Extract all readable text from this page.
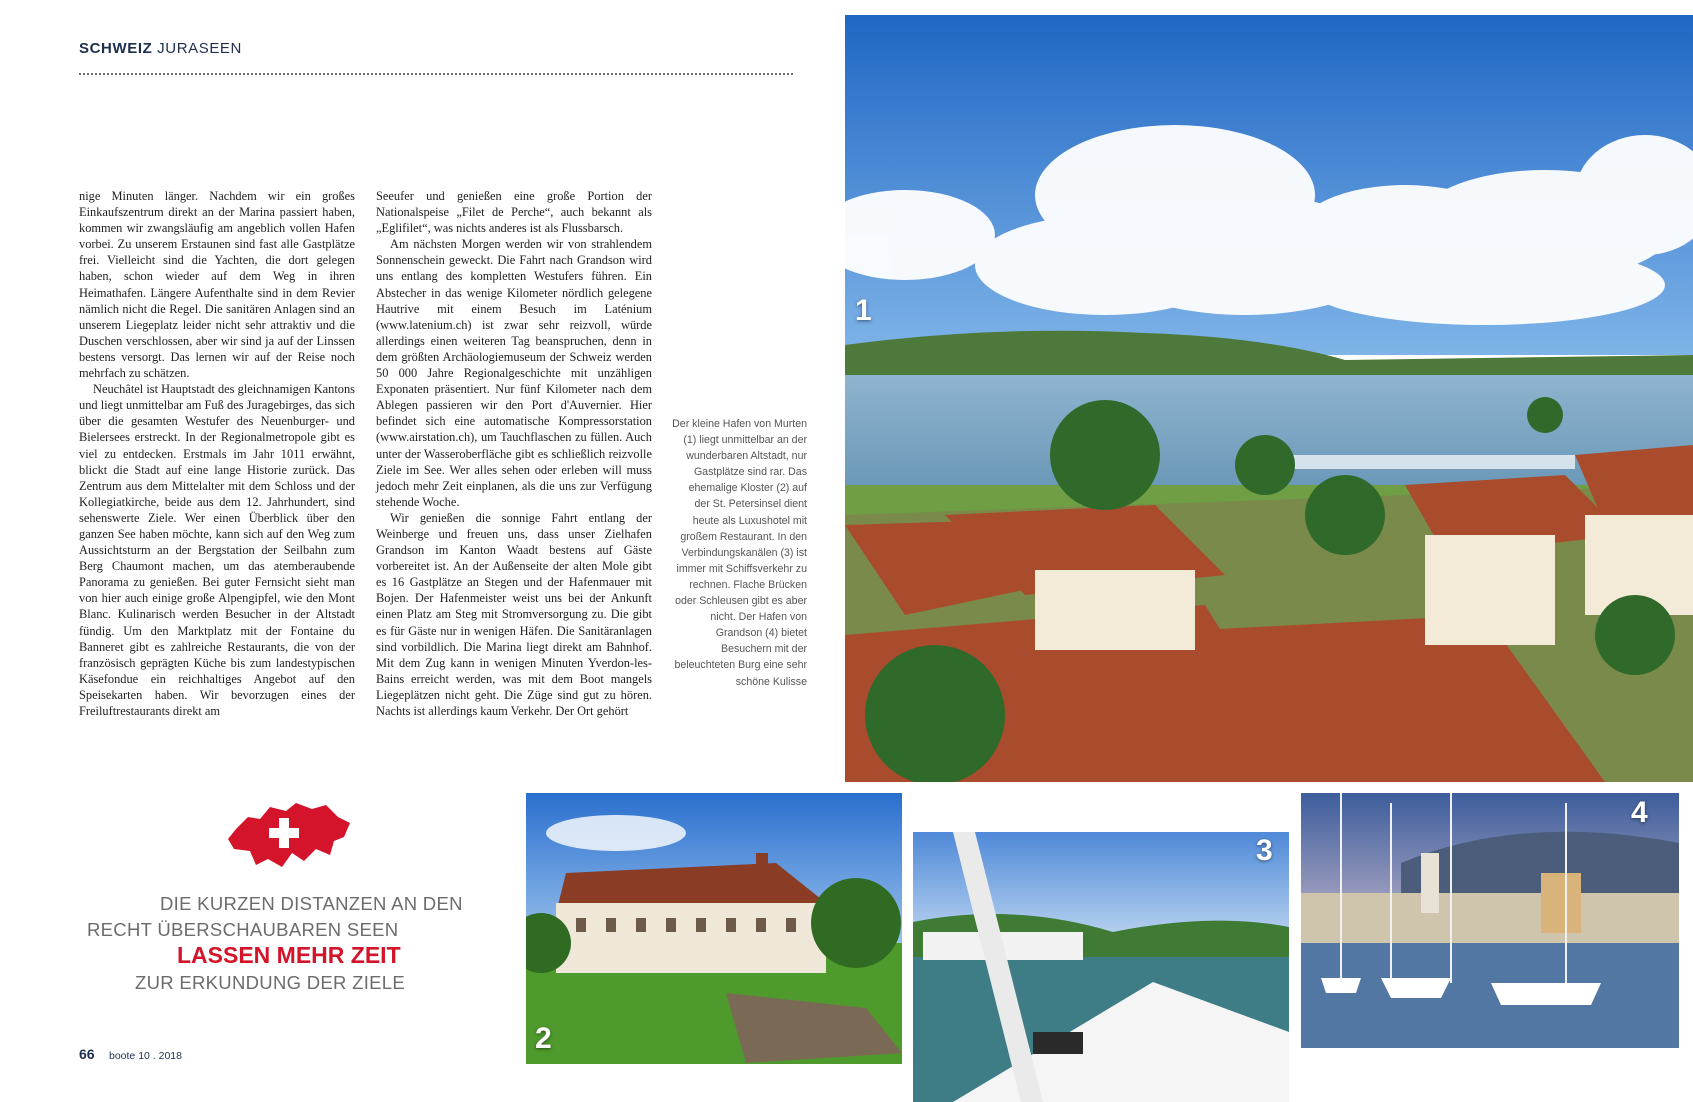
SCHWEIZ JURASEEN

nige Minuten länger. Nachdem wir ein großes Einkaufszentrum direkt an der Marina passiert haben, kommen wir zwangsläufig am angeblich vollen Hafen vorbei. Zu unserem Erstaunen sind fast alle Gastplätze frei. Vielleicht sind die Yachten, die dort gelegen haben, schon wieder auf dem Weg in ihren Heimathafen. Längere Aufenthalte sind in dem Revier nämlich nicht die Regel. Die sanitären Anlagen sind an unserem Liegeplatz leider nicht sehr attraktiv und die Duschen verschlossen, aber wir sind ja auf der Linssen bestens versorgt. Das lernen wir auf der Reise noch mehrfach zu schätzen.

Neuchâtel ist Hauptstadt des gleichnamigen Kantons und liegt unmittelbar am Fuß des Juragebirges, das sich über die gesamten Westufer des Neuenburger- und Bielersees erstreckt. In der Regionalmetropole gibt es viel zu entdecken. Erstmals im Jahr 1011 erwähnt, blickt die Stadt auf eine lange Historie zurück. Das Zentrum aus dem Mittelalter mit dem Schloss und der Kollegiatkirche, beide aus dem 12. Jahrhundert, sind sehenswerte Ziele. Wer einen Überblick über den ganzen See haben möchte, kann sich auf den Weg zum Aussichtsturm an der Bergstation der Seilbahn zum Berg Chaumont machen, um das atemberaubende Panorama zu genießen. Bei guter Fernsicht sieht man von hier auch einige große Alpengipfel, wie den Mont Blanc. Kulinarisch werden Besucher in der Altstadt fündig. Um den Marktplatz mit der Fontaine du Banneret gibt es zahlreiche Restaurants, die von der französisch geprägten Küche bis zum landestypischen Käsefondue ein reichhaltiges Angebot auf den Speisekarten haben. Wir bevorzugen eines der Freiluftrestaurants direkt am

Seeufer und genießen eine große Portion der Nationalspeise „Filet de Perche“, auch bekannt als „Eglifilet“, was nichts anderes ist als Flussbarsch.

Am nächsten Morgen werden wir von strahlendem Sonnenschein geweckt. Die Fahrt nach Grandson wird uns entlang des kompletten Westufers führen. Ein Abstecher in das wenige Kilometer nördlich gelegene Hautrive mit einem Besuch im Laténium (www.latenium.ch) ist zwar sehr reizvoll, würde allerdings einen weiteren Tag beanspruchen, denn in dem größten Archäologiemuseum der Schweiz werden 50 000 Jahre Regionalgeschichte mit unzähligen Exponaten präsentiert. Nur fünf Kilometer nach dem Ablegen passieren wir den Port d'Auvernier. Hier befindet sich eine automatische Kompressorstation (www.airstation.ch), um Tauchflaschen zu füllen. Auch unter der Wasseroberfläche gibt es schließlich reizvolle Ziele im See. Wer alles sehen oder erleben will muss jedoch mehr Zeit einplanen, als die uns zur Verfügung stehende Woche.

Wir genießen die sonnige Fahrt entlang der Weinberge und freuen uns, dass unser Zielhafen Grandson im Kanton Waadt bestens auf Gäste vorbereitet ist. An der Außenseite der alten Mole gibt es 16 Gastplätze an Stegen und der Hafenmauer mit Bojen. Der Hafenmeister weist uns bei der Ankunft einen Platz am Steg mit Stromversorgung zu. Die gibt es für Gäste nur in wenigen Häfen. Die Sanitäranlagen sind vorbildlich. Die Marina liegt direkt am Bahnhof. Mit dem Zug kann in wenigen Minuten Yverdon-les-Bains erreicht werden, was mit dem Boot mangels Liegeplätzen nicht geht. Die Züge sind gut zu hören. Nachts ist allerdings kaum Verkehr. Der Ort gehört

Der kleine Hafen von Murten (1) liegt unmittelbar an der wunderbaren Altstadt, nur Gastplätze sind rar. Das ehemalige Kloster (2) auf der St. Petersinsel dient heute als Luxushotel mit großem Restaurant. In den Verbindungskanälen (3) ist immer mit Schiffsverkehr zu rechnen. Flache Brücken oder Schleusen gibt es aber nicht. Der Hafen von Grandson (4) bietet Besuchern mit der beleuchteten Burg eine sehr schöne Kulisse
1
2
3
4
DIE KURZEN DISTANZEN AN DEN
RECHT ÜBERSCHAUBAREN SEEN
LASSEN MEHR ZEIT
ZUR ERKUNDUNG DER ZIELE
66 boote 10 . 2018
